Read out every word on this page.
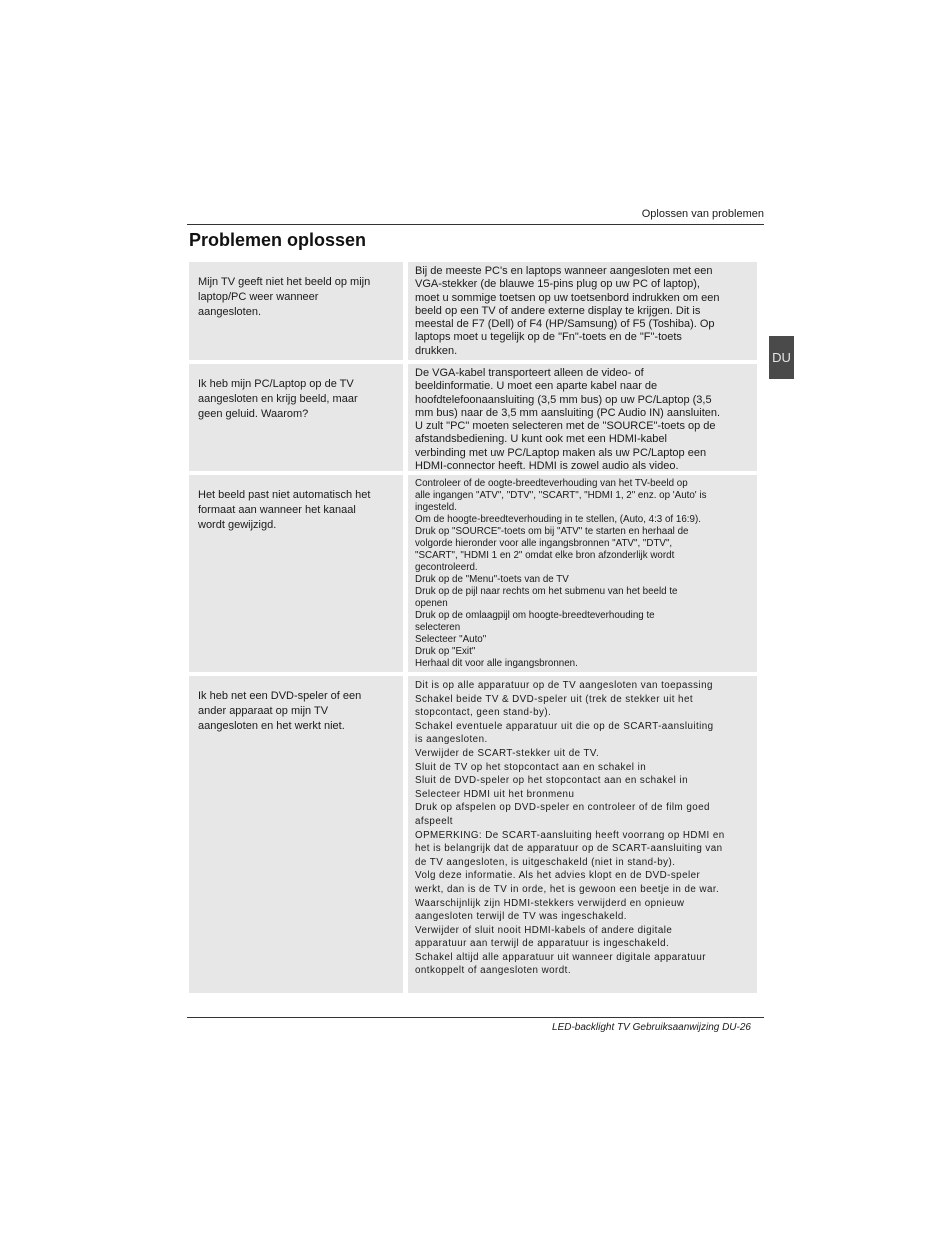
Oplossen van problemen
Problemen oplossen
DU
Mijn TV geeft niet het beeld op mijn
laptop/PC weer wanneer
aangesloten.
Bij de meeste PC's en laptops wanneer aangesloten met een
VGA-stekker (de blauwe 15-pins plug op uw PC of laptop),
moet u sommige toetsen op uw toetsenbord indrukken om een
beeld op een TV of andere externe display te krijgen. Dit is
meestal de F7 (Dell) of F4 (HP/Samsung) of F5 (Toshiba). Op
laptops moet u tegelijk op de "Fn"-toets en de "F"-toets
drukken.
Ik heb mijn PC/Laptop op de TV
aangesloten en krijg beeld, maar
geen geluid. Waarom?
De VGA-kabel transporteert alleen de video- of
beeldinformatie. U moet een aparte kabel naar de
hoofdtelefoonaansluiting (3,5 mm bus) op uw PC/Laptop (3,5
mm bus) naar de 3,5 mm aansluiting (PC Audio IN) aansluiten.
U zult "PC" moeten selecteren met de "SOURCE"-toets op de
afstandsbediening. U kunt ook met een HDMI-kabel
verbinding met uw PC/Laptop maken als uw PC/Laptop een
HDMI-connector heeft. HDMI is zowel audio als video.
Het beeld past niet automatisch het
formaat aan wanneer het kanaal
wordt gewijzigd.
Controleer of de oogte-breedteverhouding van het TV-beeld op
alle ingangen "ATV", "DTV", "SCART", "HDMI 1, 2" enz. op 'Auto' is
ingesteld.
Om de hoogte-breedteverhouding in te stellen, (Auto, 4:3 of 16:9).
Druk op "SOURCE"-toets om bij "ATV" te starten en herhaal de
volgorde hieronder voor alle ingangsbronnen "ATV", "DTV",
"SCART", "HDMI 1 en 2" omdat elke bron afzonderlijk wordt
gecontroleerd.
Druk op de "Menu"-toets van de TV
Druk op de pijl naar rechts om het submenu van het beeld te
openen
Druk op de omlaagpijl om hoogte-breedteverhouding te
selecteren
Selecteer "Auto"
Druk op "Exit"
Herhaal dit voor alle ingangsbronnen.
Ik heb net een DVD-speler of een
ander apparaat op mijn TV
aangesloten en het werkt niet.
Dit is op alle apparatuur op de TV aangesloten van toepassing
Schakel beide TV & DVD-speler uit (trek de stekker uit het
stopcontact, geen stand-by).
Schakel eventuele apparatuur uit die op de SCART-aansluiting
is aangesloten.
Verwijder de SCART-stekker uit de TV.
Sluit de TV op het stopcontact aan en schakel in
Sluit de DVD-speler op het stopcontact aan en schakel in
Selecteer HDMI uit het bronmenu
Druk op afspelen op DVD-speler en controleer of de film goed
afspeelt
OPMERKING: De SCART-aansluiting heeft voorrang op HDMI en
het is belangrijk dat de apparatuur op de SCART-aansluiting van
de TV aangesloten, is uitgeschakeld (niet in stand-by).
Volg deze informatie. Als het advies klopt en de DVD-speler
werkt, dan is de TV in orde, het is gewoon een beetje in de war.
Waarschijnlijk zijn HDMI-stekkers verwijderd en opnieuw
aangesloten terwijl de TV was ingeschakeld.
Verwijder of sluit nooit HDMI-kabels of andere digitale
apparatuur aan terwijl de apparatuur is ingeschakeld.
Schakel altijd alle apparatuur uit wanneer digitale apparatuur
ontkoppelt of aangesloten wordt.
LED-backlight TV Gebruiksaanwijzing DU-26
